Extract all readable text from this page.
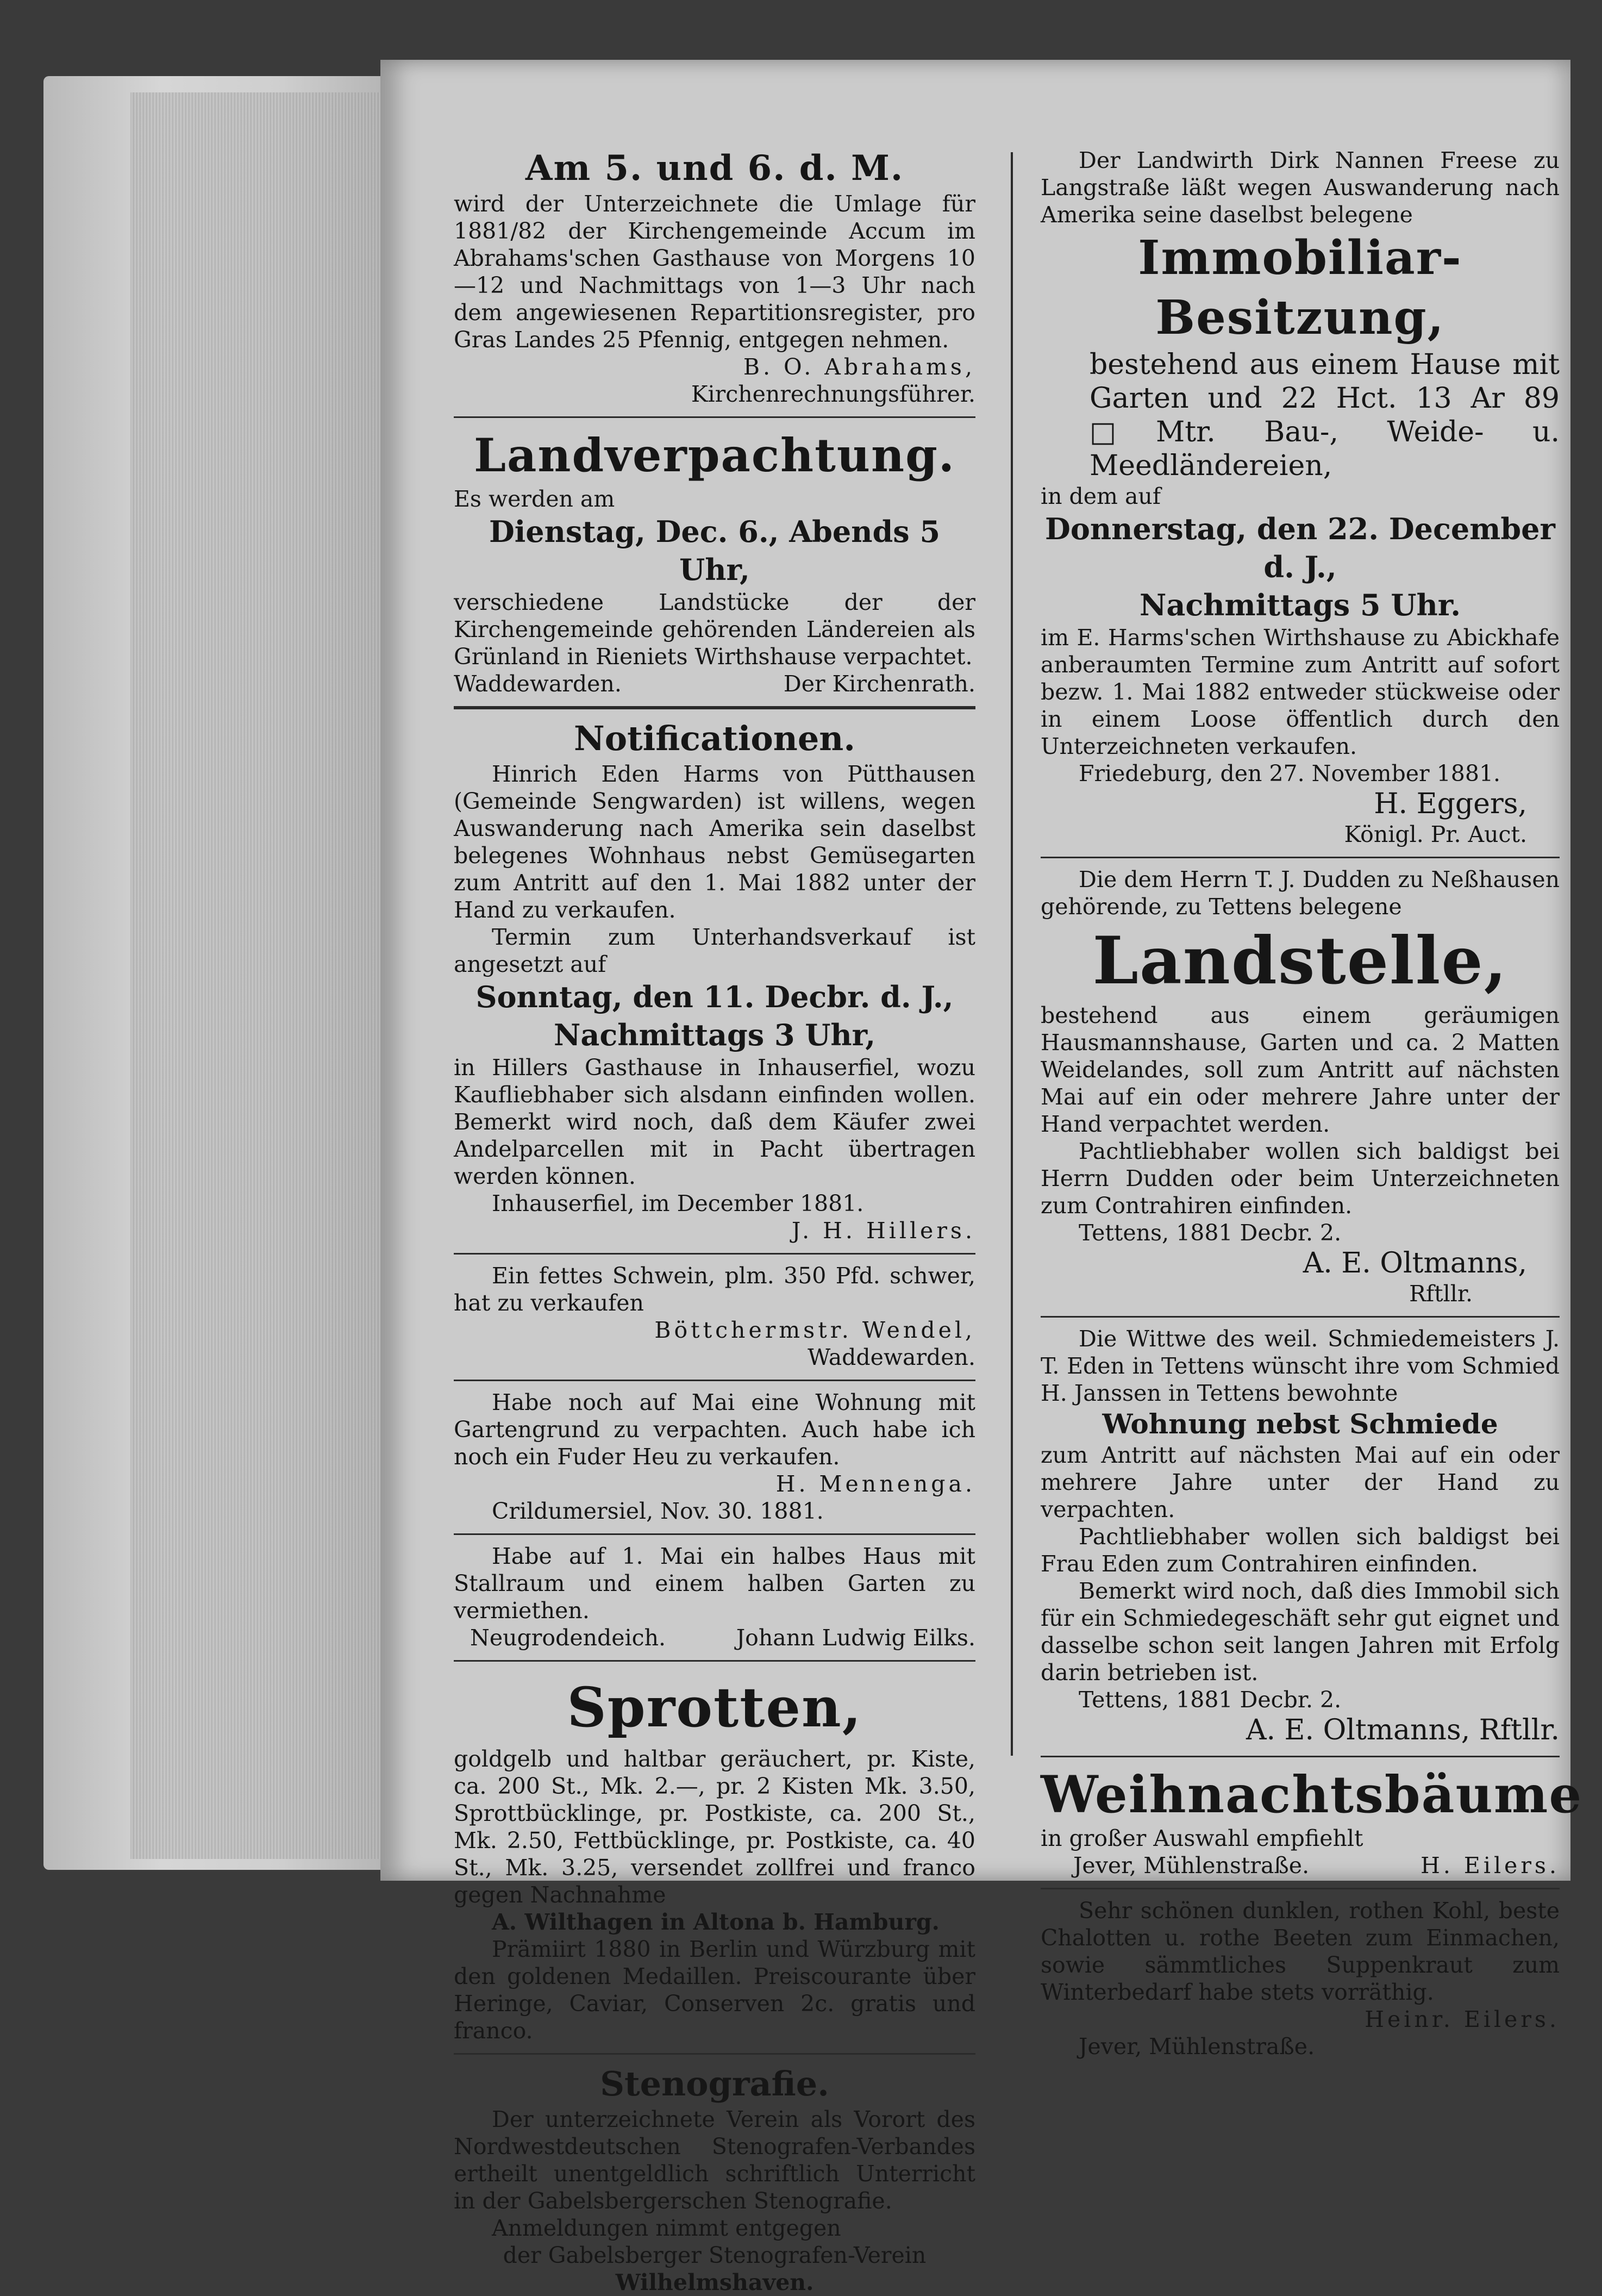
Am 5. und 6. d. M.

wird der Unterzeichnete die Umlage für 1881/82 der Kirchengemeinde Accum im Abrahams'schen Gasthause von Morgens 10—12 und Nachmittags von 1—3 Uhr nach dem angewiesenen Repartitionsregister, pro Gras Landes 25 Pfennig, entgegen nehmen.

B. O. Abrahams,

Kirchenrechnungsführer.

Landverpachtung.

Es werden am

Dienstag, Dec. 6., Abends 5 Uhr,

verschiedene Landstücke der der Kirchengemeinde gehörenden Ländereien als Grünland in Rieniets Wirthshause verpachtet.

Waddewarden.	Der Kirchenrath.
Notificationen.

Hinrich Eden Harms von Pütthausen (Gemeinde Sengwarden) ist willens, wegen Auswanderung nach Amerika sein daselbst belegenes Wohnhaus nebst Gemüsegarten zum Antritt auf den 1. Mai 1882 unter der Hand zu verkaufen.

Termin zum Unterhandsverkauf ist angesetzt auf

Sonntag, den 11. Decbr. d. J.,

Nachmittags 3 Uhr,

in Hillers Gasthause in Inhauserfiel, wozu Kaufliebhaber sich alsdann einfinden wollen. Bemerkt wird noch, daß dem Käufer zwei Andelparcellen mit in Pacht übertragen werden können.

Inhauserfiel, im December 1881.

J. H. Hillers.

Ein fettes Schwein, plm. 350 Pfd. schwer, hat zu verkaufen

Böttchermstr. Wendel,

Waddewarden.

Habe noch auf Mai eine Wohnung mit Gartengrund zu verpachten. Auch habe ich noch ein Fuder Heu zu verkaufen.

H. Mennenga.

Crildumersiel, Nov. 30. 1881.

Habe auf 1. Mai ein halbes Haus mit Stallraum und einem halben Garten zu vermiethen.

Neugrodendeich.	Johann Ludwig Eilks.
Sprotten,

goldgelb und haltbar geräuchert, pr. Kiste, ca. 200 St., Mk. 2.—, pr. 2 Kisten Mk. 3.50, Sprottbücklinge, pr. Postkiste, ca. 200 St., Mk. 2.50, Fettbücklinge, pr. Postkiste, ca. 40 St., Mk. 3.25, versendet zollfrei und franco gegen Nachnahme

A. Wilthagen in Altona b. Hamburg.

Prämiirt 1880 in Berlin und Würzburg mit den goldenen Medaillen. Preiscourante über Heringe, Caviar, Conserven 2c. gratis und franco.

Stenografie.

Der unterzeichnete Verein als Vorort des Nordwestdeutschen Stenografen-Verbandes ertheilt unentgeldlich schriftlich Unterricht in der Gabelsbergerschen Stenografie.

Anmeldungen nimmt entgegen

der Gabelsberger Stenografen-Verein

Wilhelmshaven.

Der Landwirth Dirk Nannen Freese zu Langstraße läßt wegen Auswanderung nach Amerika seine daselbst belegene

Immobiliar-Besitzung,

bestehend aus einem Hause mit Garten und 22 Hct. 13 Ar 89 □Mtr. Bau-, Weide- u. Meedländereien,

in dem auf

Donnerstag, den 22. December d. J.,

Nachmittags 5 Uhr.

im E. Harms'schen Wirthshause zu Abickhafe anberaumten Termine zum Antritt auf sofort bezw. 1. Mai 1882 entweder stückweise oder in einem Loose öffentlich durch den Unterzeichneten verkaufen.

Friedeburg, den 27. November 1881.

H. Eggers,

Königl. Pr. Auct.

Die dem Herrn T. J. Dudden zu Neßhausen gehörende, zu Tettens belegene

Landstelle,

bestehend aus einem geräumigen Hausmannshause, Garten und ca. 2 Matten Weidelandes, soll zum Antritt auf nächsten Mai auf ein oder mehrere Jahre unter der Hand verpachtet werden.

Pachtliebhaber wollen sich baldigst bei Herrn Dudden oder beim Unterzeichneten zum Contrahiren einfinden.

Tettens, 1881 Decbr. 2.

A. E. Oltmanns,

Rftllr.

Die Wittwe des weil. Schmiedemeisters J. T. Eden in Tettens wünscht ihre vom Schmied H. Janssen in Tettens bewohnte

Wohnung nebst Schmiede

zum Antritt auf nächsten Mai auf ein oder mehrere Jahre unter der Hand zu verpachten.

Pachtliebhaber wollen sich baldigst bei Frau Eden zum Contrahiren einfinden.

Bemerkt wird noch, daß dies Immobil sich für ein Schmiedegeschäft sehr gut eignet und dasselbe schon seit langen Jahren mit Erfolg darin betrieben ist.

Tettens, 1881 Decbr. 2.

A. E. Oltmanns, Rftllr.

Weihnachtsbäume

in großer Auswahl empfiehlt

Jever, Mühlenstraße.	H. Eilers.

Sehr schönen dunklen, rothen Kohl, beste Chalotten u. rothe Beeten zum Einmachen, sowie sämmtliches Suppenkraut zum Winterbedarf habe stets vorräthig.

Heinr. Eilers.

Jever, Mühlenstraße.
